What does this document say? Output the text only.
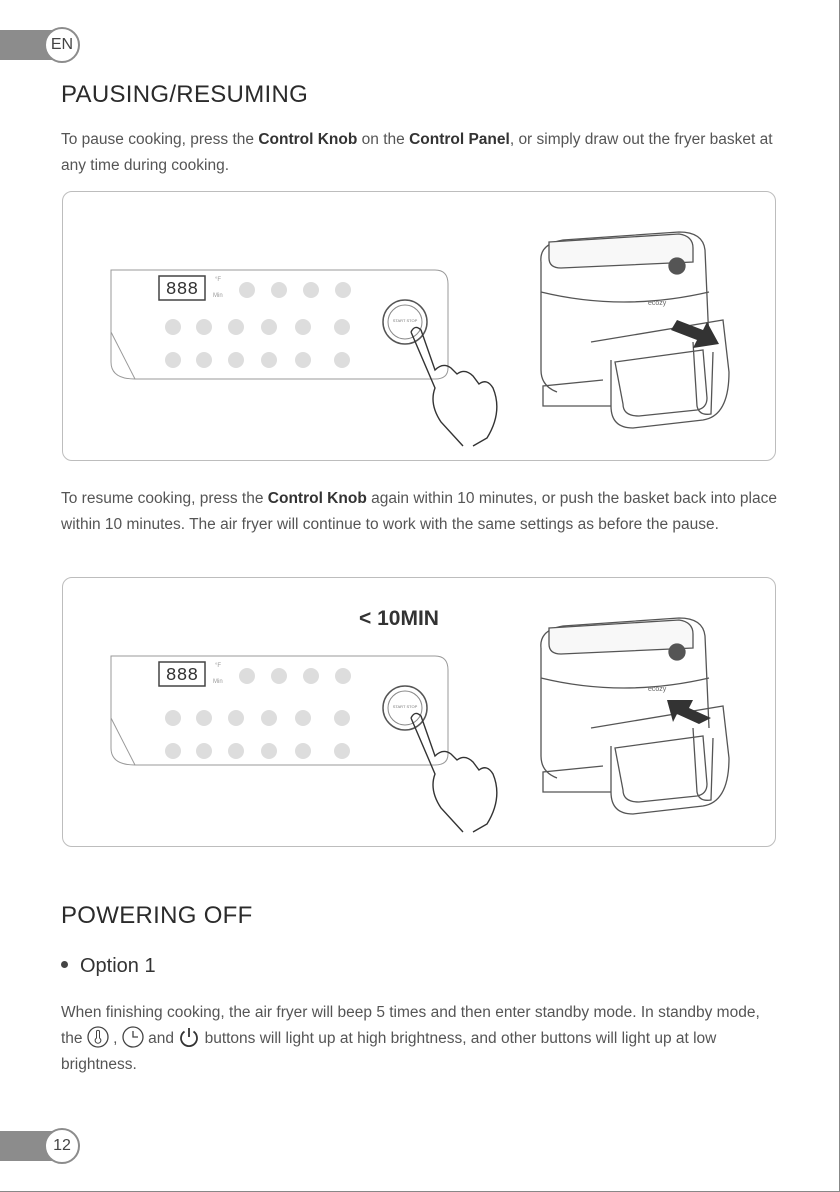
EN
PAUSING/RESUMING

To pause cooking, press the Control Knob on the Control Panel, or simply draw out the fryer basket at any time during cooking.

888	°F
Min
START STOP
ecozy

To resume cooking, press the Control Knob again within 10 minutes, or push the basket back into place within 10 minutes. The air fryer will continue to work with the same settings as before the pause.

< 10MIN
888	°F
Min
START STOP
ecozy
POWERING OFF
Option 1

When finishing cooking, the air fryer will beep 5 times and then enter standby mode. In standby mode, the  ,  and  buttons will light up at high brightness, and other buttons will light up at low brightness.

12
